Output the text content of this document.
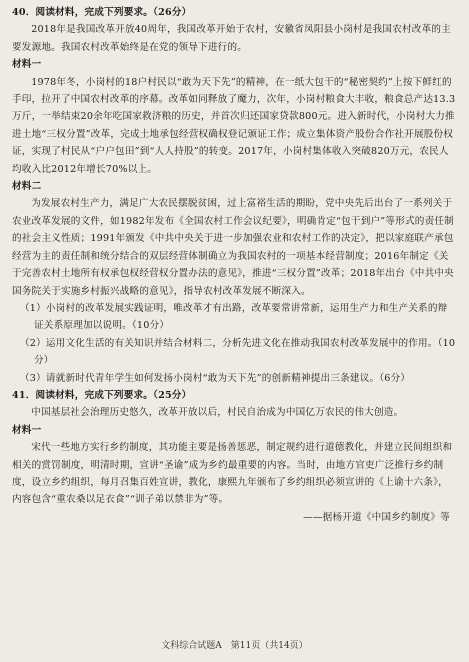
40．阅读材料，完成下列要求。（26分）

2018年是我国改革开放40周年，我国改革开始于农村，安徽省凤阳县小岗村是我国农村改革的主要发源地。我国农村改革始终是在党的领导下进行的。

材料一

1978年冬，小岗村的18户村民以“敢为天下先”的精神，在一纸大包干的“秘密契约”上按下鲜红的手印，拉开了中国农村改革的序幕。改革如同释放了魔力，次年，小岗村粮食大丰收，粮食总产达13.3万斤，一举结束20余年吃国家救济粮的历史，并首次归还国家贷款800元。进入新时代，小岗村大力推进土地“三权分置”改革，完成土地承包经营权确权登记颁证工作；成立集体资产股份合作社开展股份权证，实现了村民从“户户包田”到“人人持股”的转变。2017年，小岗村集体收入突破820万元，农民人均收入比2012年增长70%以上。

材料二

为发展农村生产力，满足广大农民摆脱贫困，过上富裕生活的期盼，党中央先后出台了一系列关于农业改革发展的文件，如1982年发布《全国农村工作会议纪要》，明确肯定“包干到户”等形式的责任制的社会主义性质；1991年颁发《中共中央关于进一步加强农业和农村工作的决定》，把以家庭联产承包经营为主的责任制和统分结合的双层经营体制确立为我国农村的一项基本经营制度；2016年制定《关于完善农村土地所有权承包权经营权分置办法的意见》，推进“三权分置”改革；2018年出台《中共中央 国务院关于实施乡村振兴战略的意见》，指导农村改革发展不断深入。

（1）小岗村的改革发展实践证明，唯改革才有出路，改革要常讲常新，运用生产力和生产关系的辩证关系原理加以说明。（10分）

（2）运用文化生活的有关知识并结合材料二，分析先进文化在推动我国农村改革发展中的作用。（10分）

（3）请就新时代青年学生如何发扬小岗村“敢为天下先”的创新精神提出三条建议。（6分）

41．阅读材料，完成下列要求。（25分）

中国基层社会治理历史悠久，改革开放以后，村民自治成为中国亿万农民的伟大创造。

材料一

宋代一些地方实行乡约制度，其功能主要是扬善惩恶，制定规约进行道德教化，并建立民间组织和相关的赏罚制度，明清时期，宣讲“圣谕”成为乡约最重要的内容。当时，由地方官吏广泛推行乡约制度，设立乡约组织，每月召集百姓宣讲，教化，康熙九年颁布了乡约组织必须宣讲的《上谕十六条》，内容包含“重农桑以足衣食”“训子弟以禁非为”等。

——据杨开道《中国乡约制度》等

文科综合试题A　第11页（共14页）
